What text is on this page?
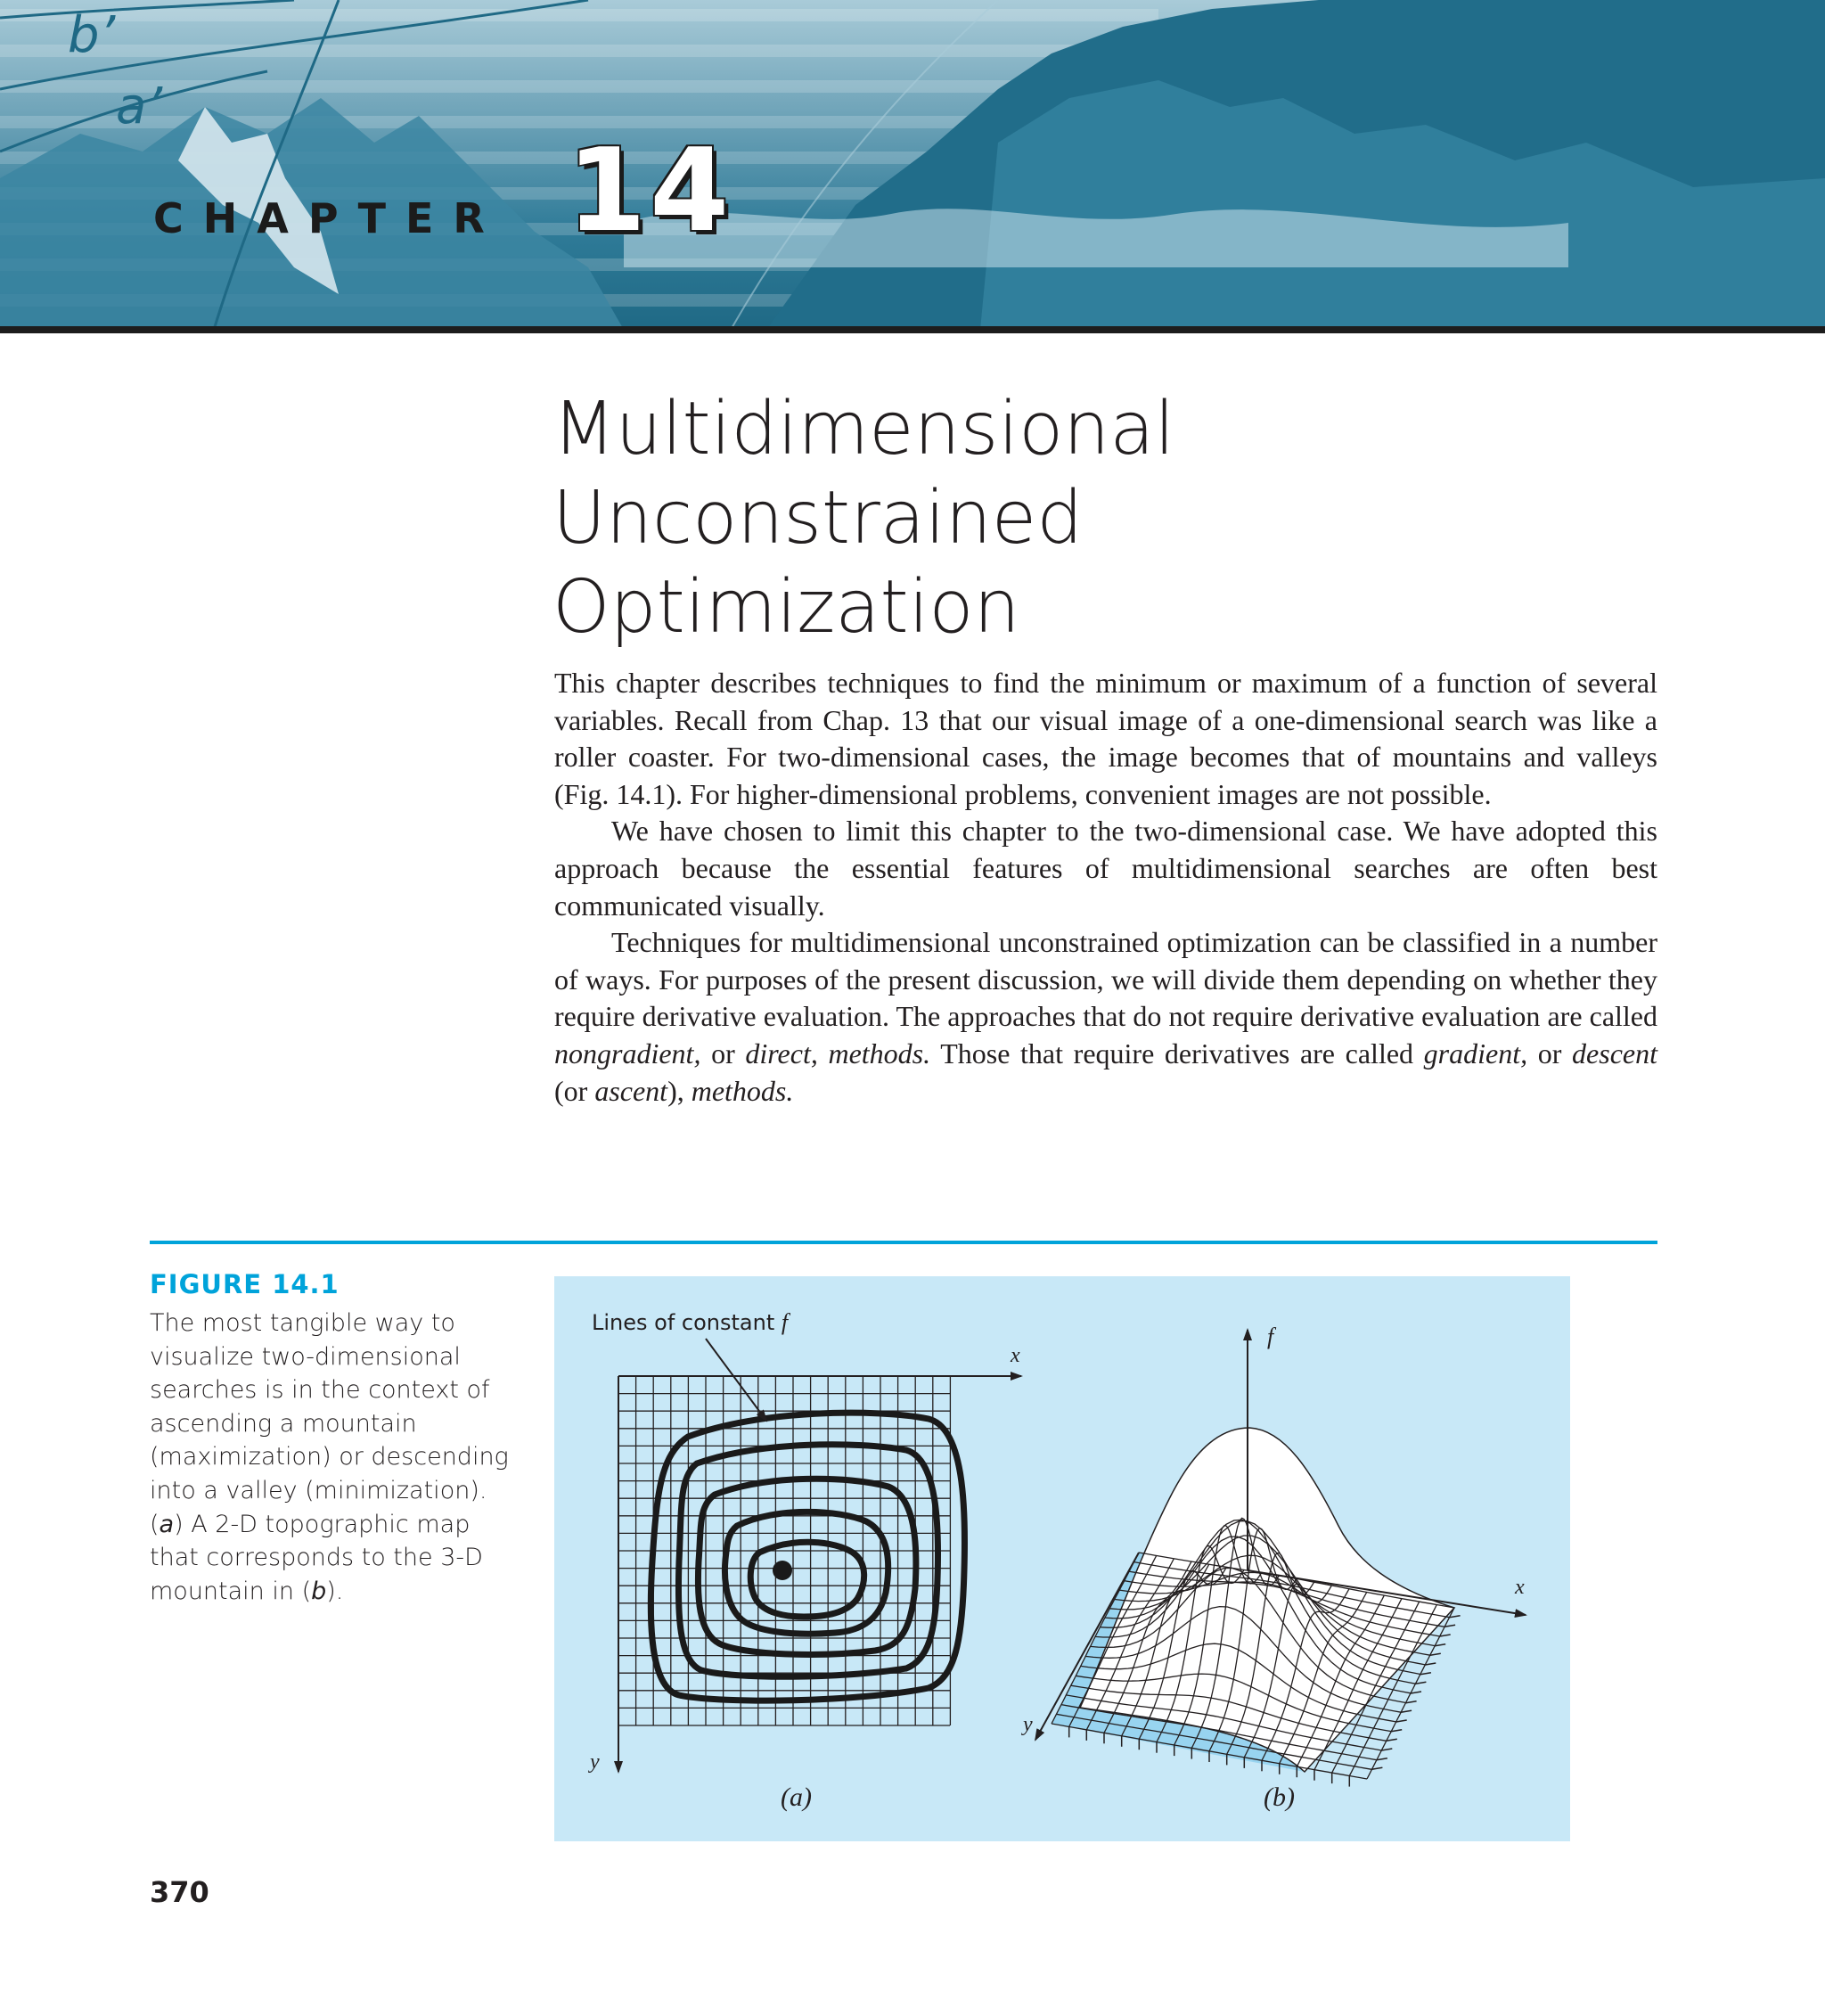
b’
a’
CHAPTER 14
Multidimensional Unconstrained
Optimization

This chapter describes techniques to find the minimum or maximum of a function of several variables. Recall from Chap. 13 that our visual image of a one-dimensional search was like a roller coaster. For two-dimensional cases, the image becomes that of mountains and valleys (Fig. 14.1). For higher-dimensional problems, convenient images are not possible.

We have chosen to limit this chapter to the two-dimensional case. We have adopted this approach because the essential features of multidimensional searches are often best communicated visually.

Techniques for multidimensional unconstrained optimization can be classified in a number of ways. For purposes of the present discussion, we will divide them depending on whether they require derivative evaluation. The approaches that do not require derivative evaluation are called nongradient, or direct, methods. Those that require derivatives are called gradient, or descent (or ascent), methods.

FIGURE 14.1
The most tangible way to visualize two-dimensional searches is in the context of ascending a mountain (maximization) or descending into a valley (minimization). (a) A 2-D topographic map that corresponds to the 3-D mountain in (b).
Lines of constant f
x
y
(a)
f
x
y
(b)
370
